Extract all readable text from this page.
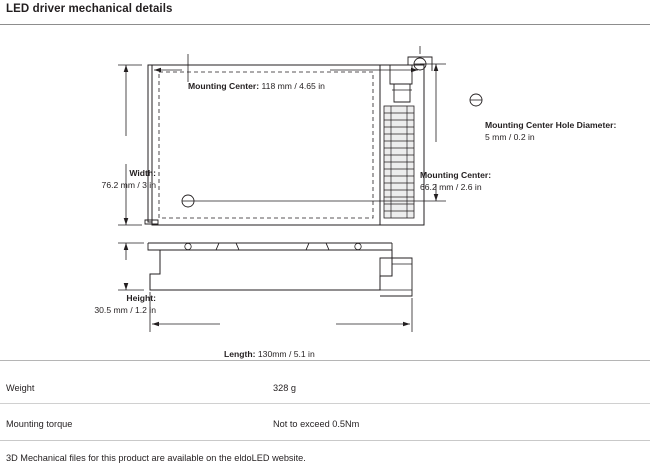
LED driver mechanical details
Mounting Center: 118 mm / 4.65 in
Width:
76.2 mm / 3 in
Height:
30.5 mm / 1.2 in
Mounting Center:
66.2 mm / 2.6 in
Mounting Center Hole Diameter:
5 mm / 0.2 in
Length: 130mm / 5.1 in
Weight	328 g
Mounting torque	Not to exceed 0.5Nm
3D Mechanical files for this product are available on the eldoLED website.
